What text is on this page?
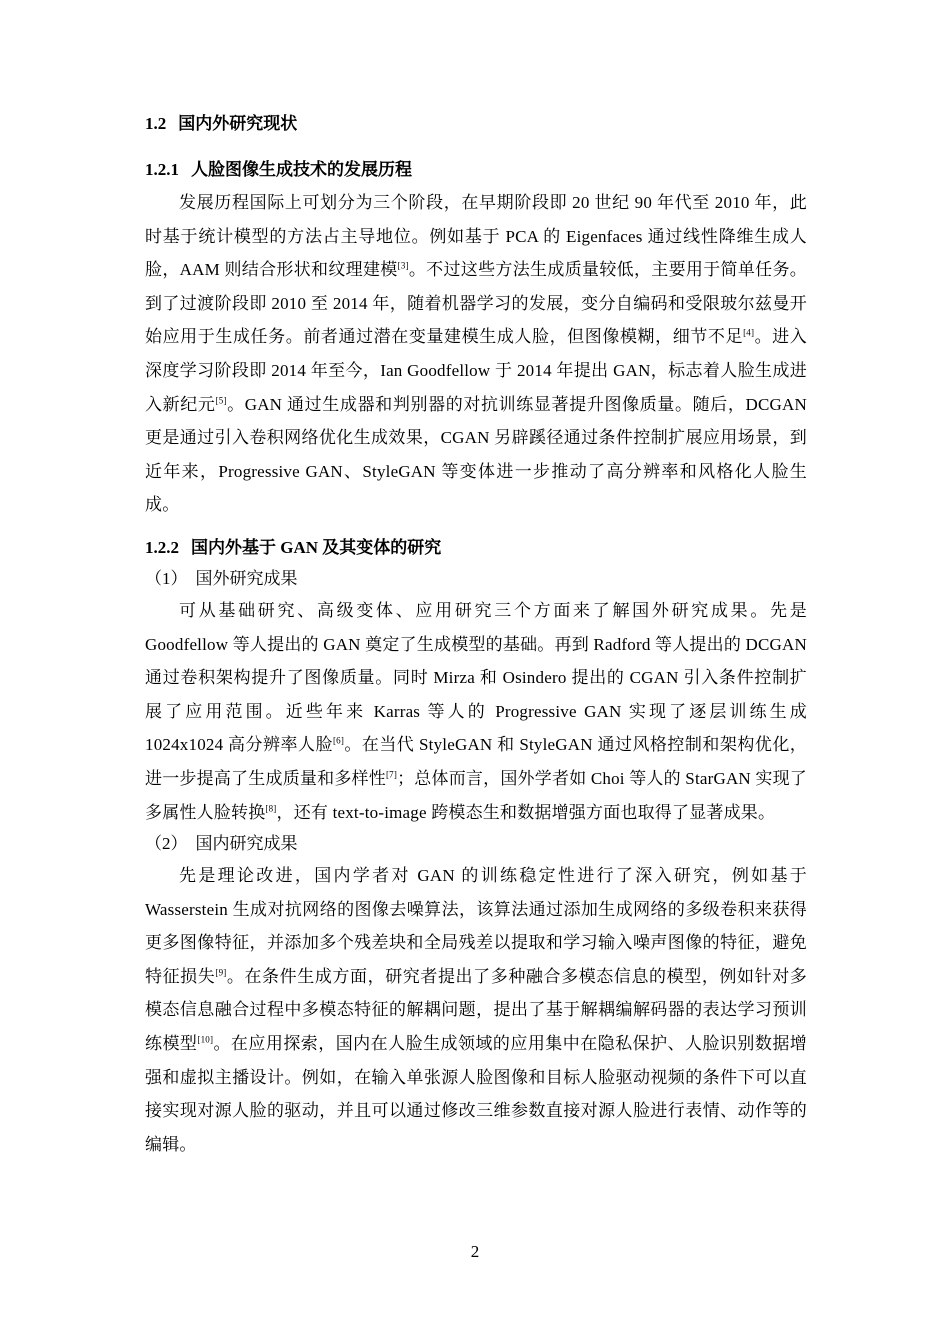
1.2 国内外研究现状
1.2.1 人脸图像生成技术的发展历程

发展历程国际上可划分为三个阶段，在早期阶段即 20 世纪 90 年代至 2010 年，此时基于统计模型的方法占主导地位。例如基于 PCA 的 Eigenfaces 通过线性降维生成人脸，AAM 则结合形状和纹理建模[3]。不过这些方法生成质量较低，主要用于简单任务。到了过渡阶段即 2010 至 2014 年，随着机器学习的发展，变分自编码和受限玻尔兹曼开始应用于生成任务。前者通过潜在变量建模生成人脸，但图像模糊，细节不足[4]。进入深度学习阶段即 2014 年至今，Ian Goodfellow 于 2014 年提出 GAN，标志着人脸生成进入新纪元[5]。GAN 通过生成器和判别器的对抗训练显著提升图像质量。随后，DCGAN 更是通过引入卷积网络优化生成效果，CGAN 另辟蹊径通过条件控制扩展应用场景，到近年来，Progressive GAN、StyleGAN 等变体进一步推动了高分辨率和风格化人脸生成。

1.2.2 国内外基于 GAN 及其变体的研究
（1） 国外研究成果

可从基础研究、高级变体、应用研究三个方面来了解国外研究成果。先是 Goodfellow 等人提出的 GAN 奠定了生成模型的基础。再到 Radford 等人提出的 DCGAN 通过卷积架构提升了图像质量。同时 Mirza 和 Osindero 提出的 CGAN 引入条件控制扩展了应用范围。近些年来 Karras 等人的 Progressive GAN 实现了逐层训练生成 1024x1024 高分辨率人脸[6]。在当代 StyleGAN 和 StyleGAN 通过风格控制和架构优化，进一步提高了生成质量和多样性[7]；总体而言，国外学者如 Choi 等人的 StarGAN 实现了多属性人脸转换[8]，还有 text-to-image 跨模态生和数据增强方面也取得了显著成果。

（2） 国内研究成果

先是理论改进，国内学者对 GAN 的训练稳定性进行了深入研究，例如基于 Wasserstein 生成对抗网络的图像去噪算法，该算法通过添加生成网络的多级卷积来获得更多图像特征，并添加多个残差块和全局残差以提取和学习输入噪声图像的特征，避免特征损失[9]。在条件生成方面，研究者提出了多种融合多模态信息的模型，例如针对多模态信息融合过程中多模态特征的解耦问题，提出了基于解耦编解码器的表达学习预训练模型[10]。在应用探索，国内在人脸生成领域的应用集中在隐私保护、人脸识别数据增强和虚拟主播设计。例如，在输入单张源人脸图像和目标人脸驱动视频的条件下可以直接实现对源人脸的驱动，并且可以通过修改三维参数直接对源人脸进行表情、动作等的编辑。

2
